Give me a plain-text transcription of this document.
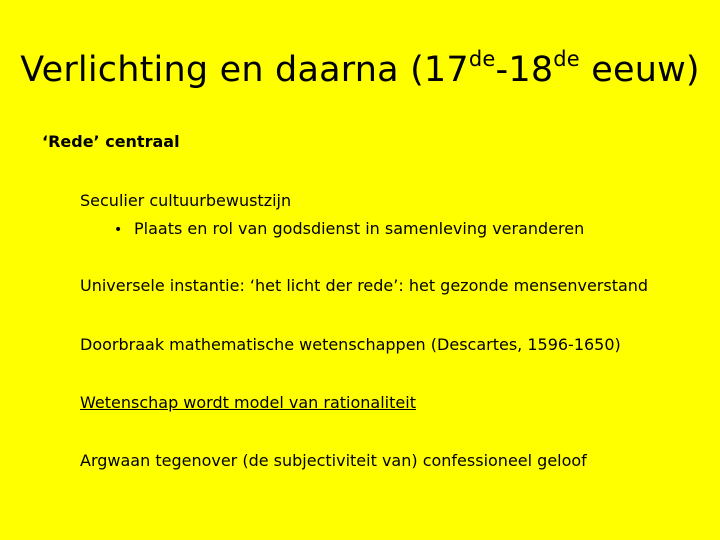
Verlichting en daarna (17de-18de eeuw)
‘Rede’ centraal
Seculier cultuurbewustzijn
• Plaats en rol van godsdienst in samenleving veranderen
Universele instantie: ‘het licht der rede’: het gezonde mensenverstand
Doorbraak mathematische wetenschappen (Descartes, 1596-1650)
Wetenschap wordt model van rationaliteit
Argwaan tegenover (de subjectiviteit van) confessioneel geloof
